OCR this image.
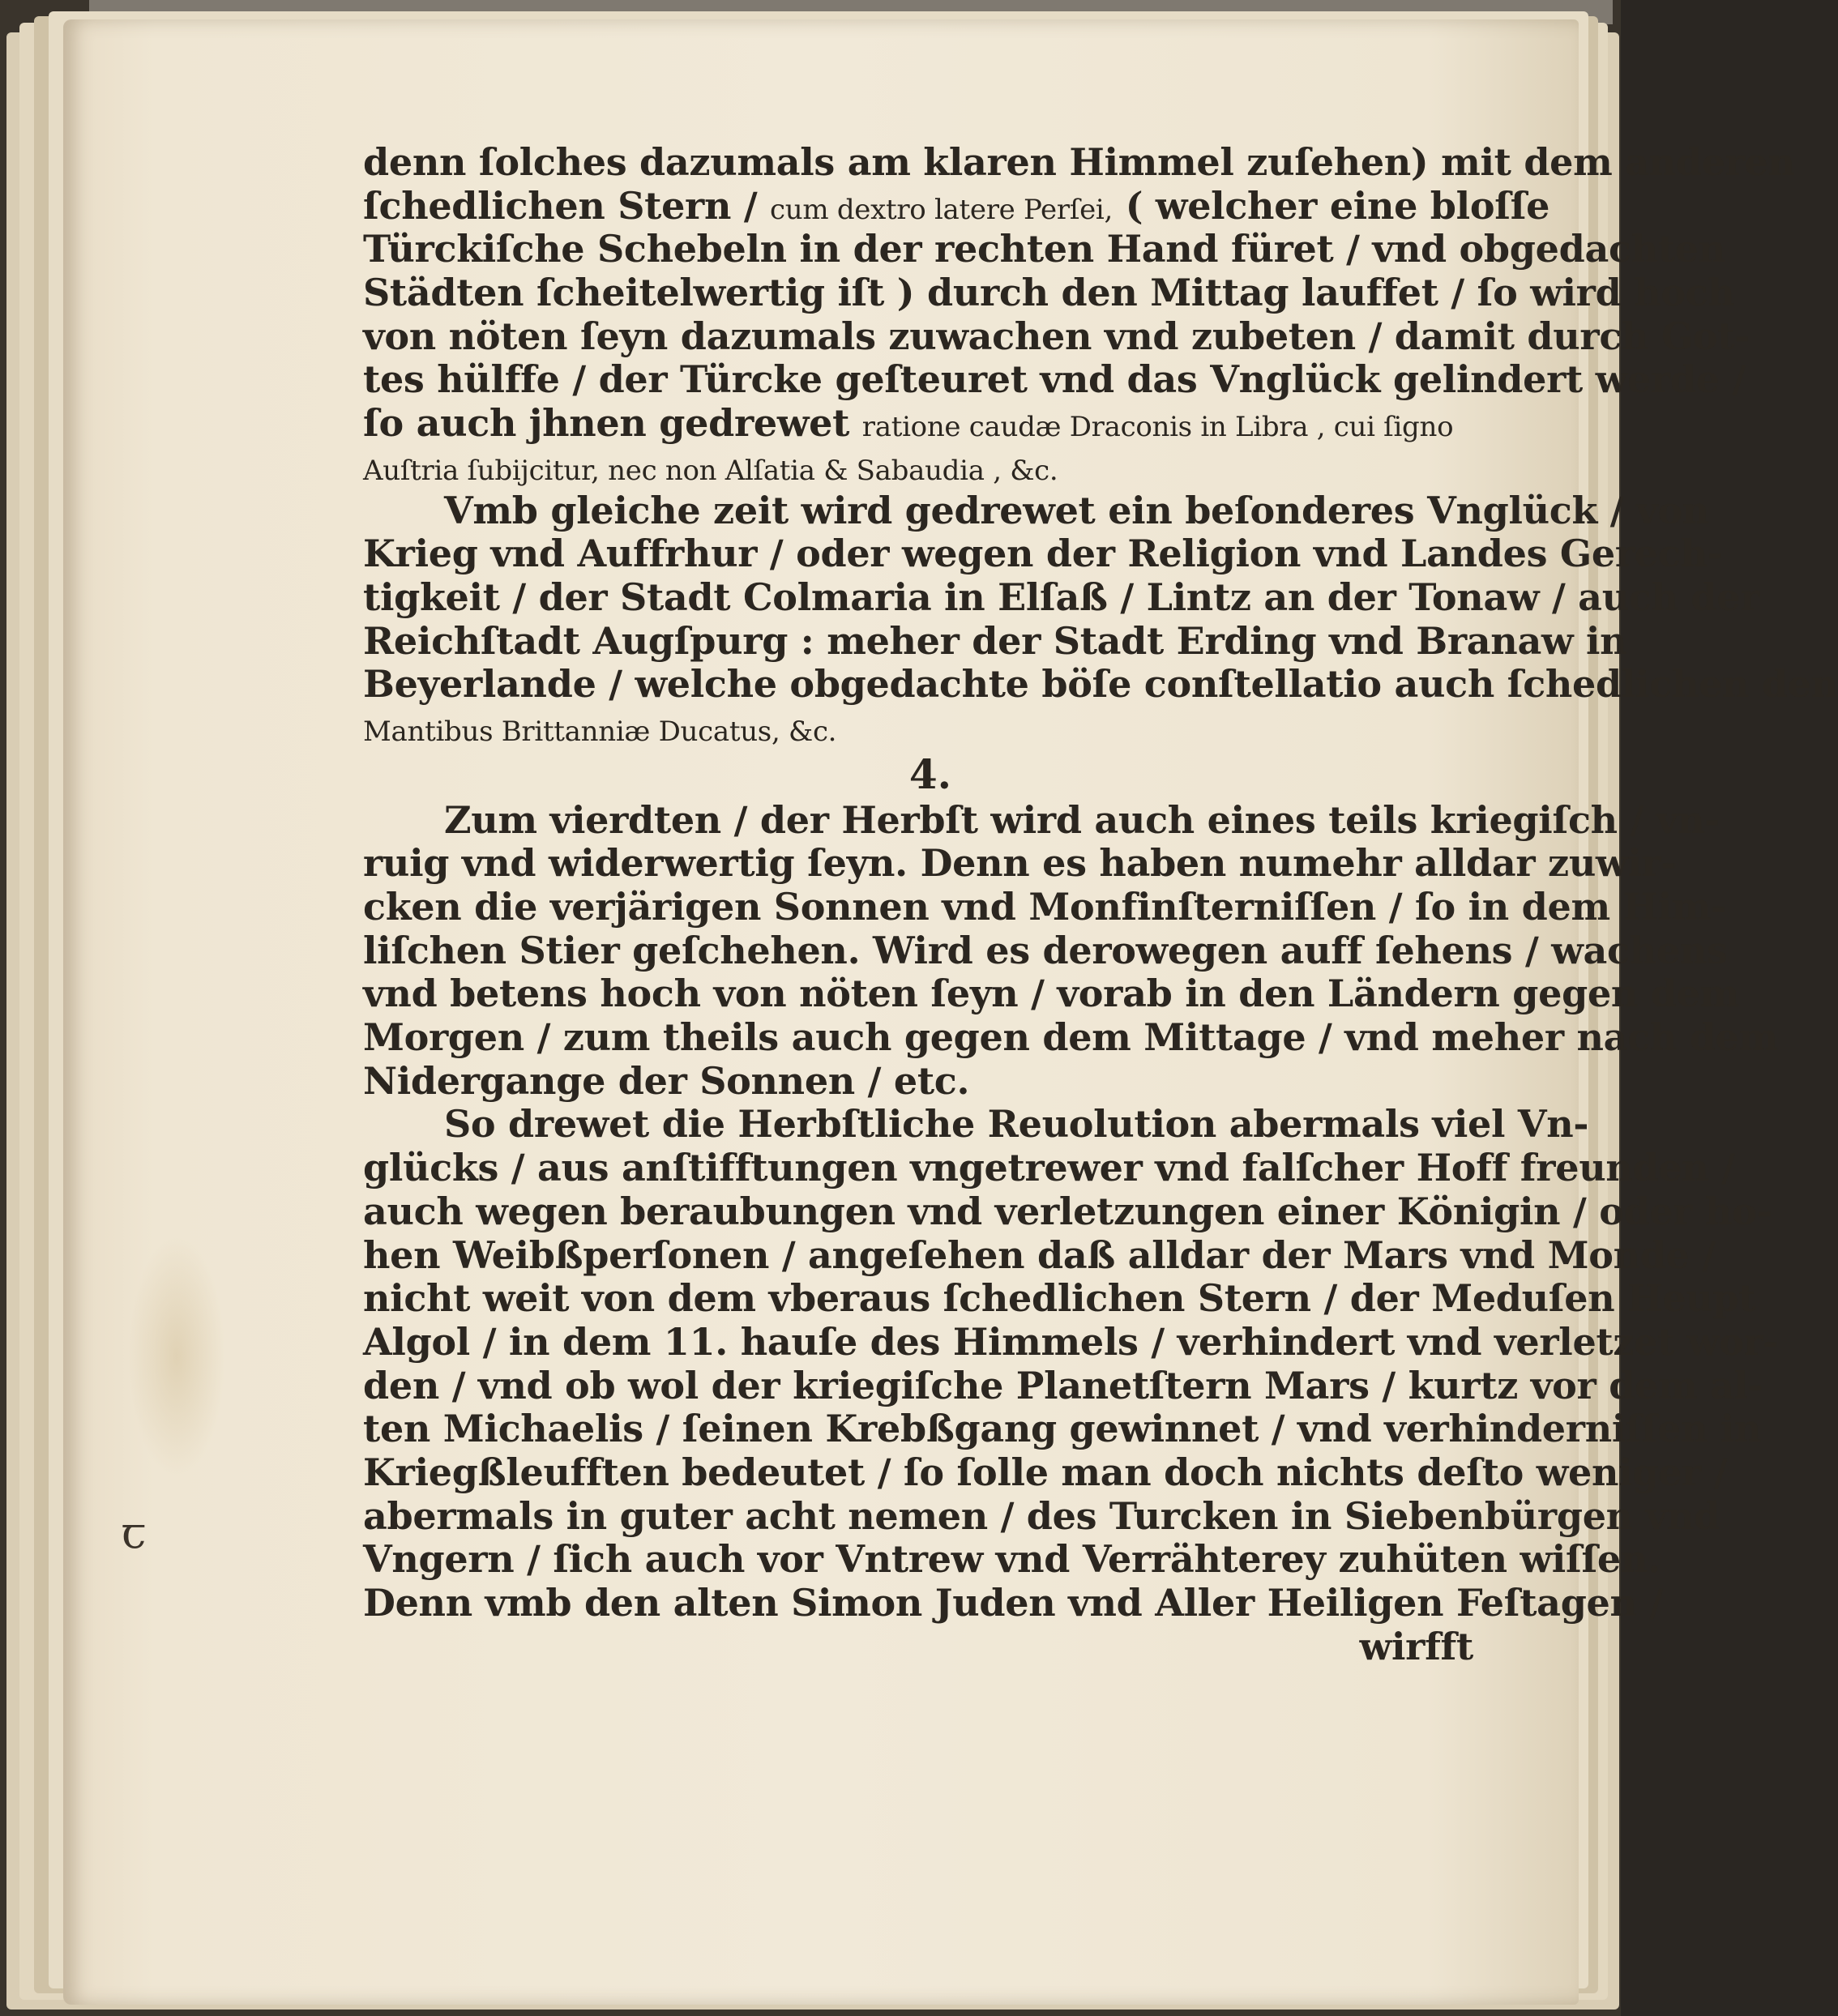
ꞇ
denn ſolches dazumals am klaren Himmel zuſehen) mit dem anderen
ſchedlichen Stern / cum dextro latere Perſei, ( welcher eine bloſſe
Türckiſche Schebeln in der rechten Hand füret / vnd obgedachten
Städten ſcheitelwertig iſt ) durch den Mittag lauffet / ſo wird hoch
von nöten ſeyn dazumals zuwachen vnd zubeten / damit durch Got-
tes hülffe / der Türcke geſteuret vnd das Vnglück gelindert werde /
ſo auch jhnen gedrewet ratione caudæ Draconis in Libra , cui ſigno
Auſtria ſubijcitur, nec non Alſatia & Sabaudia , &c.
Vmb gleiche zeit wird gedrewet ein beſonderes Vnglück / von
Krieg vnd Auffrhur / oder wegen der Religion vnd Landes Gerech-
tigkeit / der Stadt Colmaria in Elſaß / Lintz an der Tonaw / auch der
Reichſtadt Augſpurg : meher der Stadt Erding vnd Branaw in
Beyerlande / welche obgedachte böſe conſtellatio auch ſchedlichen den
Mantibus Brittanniæ Ducatus, &c.
4.
Zum vierdten / der Herbſt wird auch eines teils kriegiſch / vn-
ruig vnd widerwertig ſeyn. Denn es haben numehr alldar zuwir-
cken die verjärigen Sonnen vnd Monfinſterniſſen / ſo in dem Him-
liſchen Stier geſchehen. Wird es derowegen auff ſehens / wachens
vnd betens hoch von nöten ſeyn / vorab in den Ländern gegen dem
Morgen / zum theils auch gegen dem Mittage / vnd meher nach dem
Nidergange der Sonnen / etc.
So drewet die Herbſtliche Reuolution abermals viel Vn-
glücks / aus anſtifftungen vngetrewer vnd falſcher Hoff freunden /
auch wegen beraubungen vnd verletzungen einer Königin / oder ho-
hen Weibßperſonen / angeſehen daß alldar der Mars vnd Monde /
nicht weit von dem vberaus ſchedlichen Stern / der Meduſen Heupt
Algol / in dem 11. hauſe des Himmels / verhindert vnd verletzet wor-
den / vnd ob wol der kriegiſche Planetſtern Mars / kurtz vor dem al-
ten Michaelis / ſeinen Krebßgang gewinnet / vnd verhinderniſſen in
Kriegßleufften bedeutet / ſo ſolle man doch nichts deſto weniger /
abermals in guter acht nemen / des Turcken in Siebenbürgen vnd
Vngern / ſich auch vor Vntrew vnd Verrähterey zuhüten wiſſen.
Denn vmb den alten Simon Juden vnd Aller Heiligen Feſtagen /
wirfft
